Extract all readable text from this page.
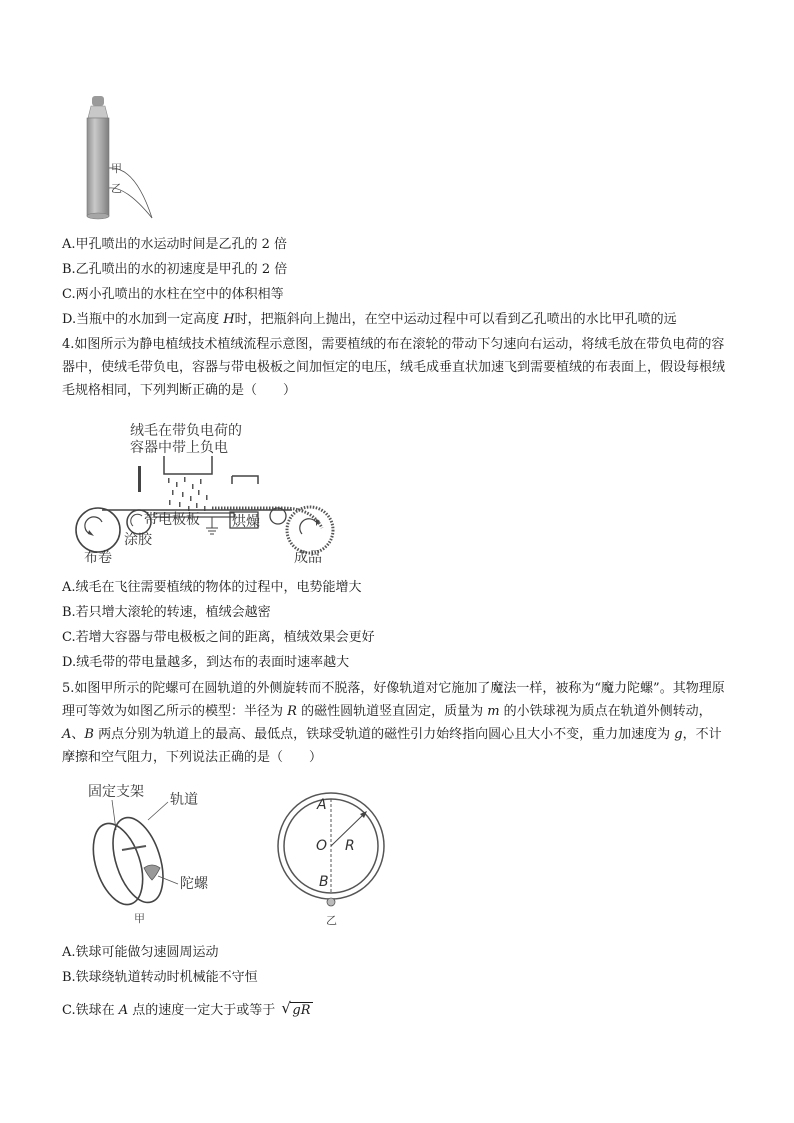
甲
乙
A.甲孔喷出的水运动时间是乙孔的 2 倍
B.乙孔喷出的水的初速度是甲孔的 2 倍
C.两小孔喷出的水柱在空中的体积相等
D.当瓶中的水加到一定高度 H时，把瓶斜向上抛出，在空中运动过程中可以看到乙孔喷出的水比甲孔喷的远
4.如图所示为静电植绒技术植绒流程示意图，需要植绒的布在滚轮的带动下匀速向右运动，将绒毛放在带负电荷的容器中，使绒毛带负电，容器与带电极板之间加恒定的电压，绒毛成垂直状加速飞到需要植绒的布表面上，假设每根绒毛规格相同，下列判断正确的是（　　）
绒毛在带负电荷的
容器中带上负电
带电极板 烘燥
涂胶
布卷	成品
A.绒毛在飞往需要植绒的物体的过程中，电势能增大
B.若只增大滚轮的转速，植绒会越密
C.若增大容器与带电极板之间的距离，植绒效果会更好
D.绒毛带的带电量越多，到达布的表面时速率越大
5.如图甲所示的陀螺可在圆轨道的外侧旋转而不脱落，好像轨道对它施加了魔法一样，被称为“魔力陀螺”。其物理原理可等效为如图乙所示的模型：半径为 R 的磁性圆轨道竖直固定，质量为 m 的小铁球视为质点在轨道外侧转动，A、B 两点分别为轨道上的最高、最低点，铁球受轨道的磁性引力始终指向圆心且大小不变，重力加速度为 g，不计摩擦和空气阻力，下列说法正确的是（　　）
固定支架 轨道
陀螺
甲
A
O R
B
乙
A.铁球可能做匀速圆周运动
B.铁球绕轨道转动时机械能不守恒
C.铁球在 A 点的速度一定大于或等于 √ gR
